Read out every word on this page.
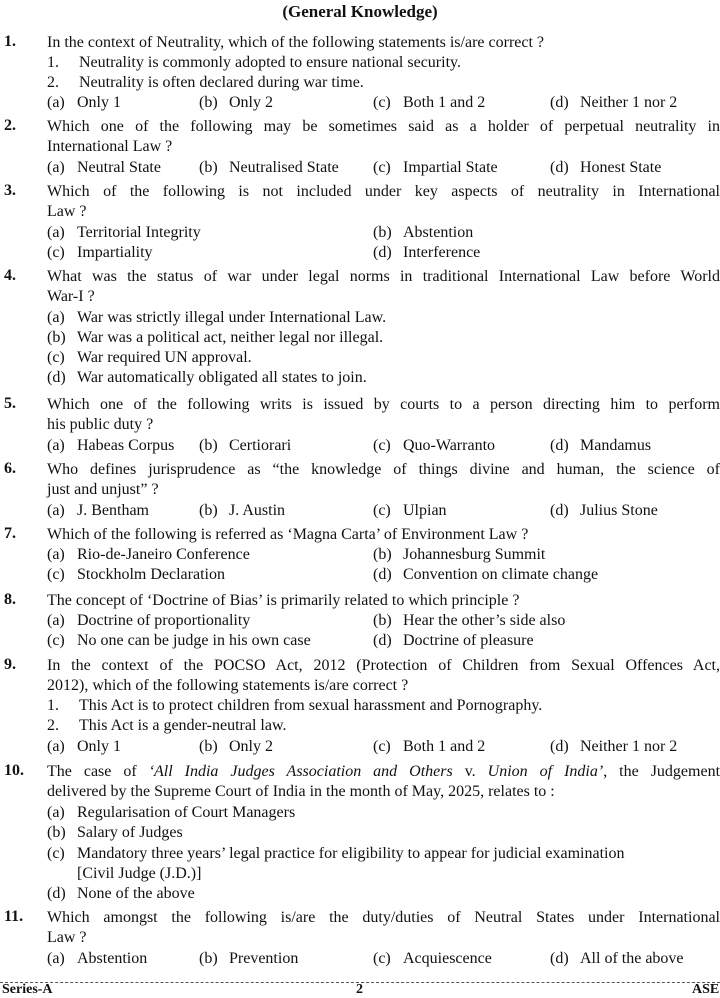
(General Knowledge)
1. In the context of Neutrality, which of the following statements is/are correct ?
1. Neutrality is commonly adopted to ensure national security.
2. Neutrality is often declared during war time.
(a) Only 1	(b) Only 2	(c) Both 1 and 2	(d) Neither 1 nor 2
2. Which one of the following may be sometimes said as a holder of perpetual neutrality in
International Law ?
(a) Neutral State (b) Neutralised State (c) Impartial State	(d) Honest State
3. Which of the following is not included under key aspects of neutrality in International
Law ?
(a) Territorial Integrity	(b) Abstention
(c) Impartiality	(d) Interference
4. What was the status of war under legal norms in traditional International Law before World
War-I ?
(a) War was strictly illegal under International Law.
(b) War was a political act, neither legal nor illegal.
(c) War required UN approval.
(d) War automatically obligated all states to join.
5. Which one of the following writs is issued by courts to a person directing him to perform
his public duty ?
(a) Habeas Corpus (b) Certiorari	(c) Quo-Warranto	(d) Mandamus
6. Who defines jurisprudence as “the knowledge of things divine and human, the science of
just and unjust” ?
(a) J. Bentham	(b) J. Austin	(c) Ulpian	(d) Julius Stone
7. Which of the following is referred as ‘Magna Carta’ of Environment Law ?
(a) Rio-de-Janeiro Conference	(b) Johannesburg Summit
(c) Stockholm Declaration	(d) Convention on climate change
8. The concept of ‘Doctrine of Bias’ is primarily related to which principle ?
(a) Doctrine of proportionality	(b) Hear the other’s side also
(c) No one can be judge in his own case	(d) Doctrine of pleasure
9. In the context of the POCSO Act, 2012 (Protection of Children from Sexual Offences Act,
2012), which of the following statements is/are correct ?
1. This Act is to protect children from sexual harassment and Pornography.
2. This Act is a gender-neutral law.
(a) Only 1	(b) Only 2	(c) Both 1 and 2	(d) Neither 1 nor 2
10. The case of ‘All India Judges Association and Others v. Union of India’, the Judgement
delivered by the Supreme Court of India in the month of May, 2025, relates to :
(a) Regularisation of Court Managers
(b) Salary of Judges
(c) Mandatory three years’ legal practice for eligibility to appear for judicial examination
[Civil Judge (J.D.)]
(d) None of the above
11. Which amongst the following is/are the duty/duties of Neutral States under International
Law ?
(a) Abstention	(b) Prevention	(c) Acquiescence	(d) All of the above
Series-A	2	ASE
